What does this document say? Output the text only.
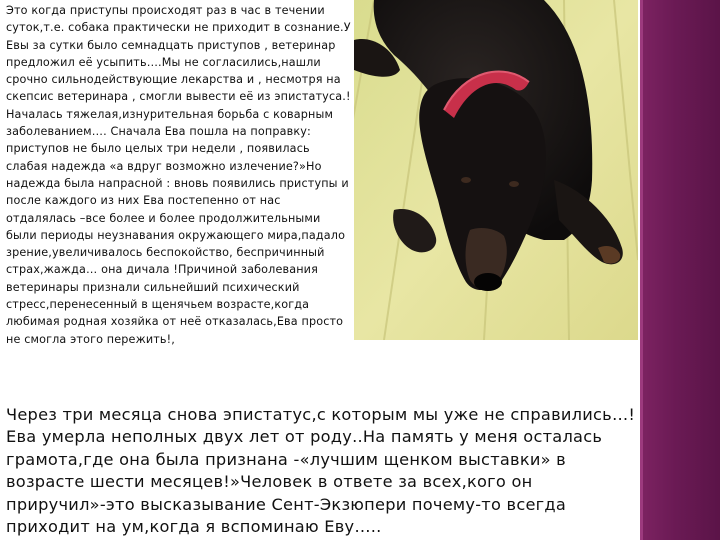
Это когда приступы происходят раз в час в течении суток,т.е. собака практически не приходит в сознание.У Евы за сутки было семнадцать приступов , ветеринар предложил её усыпить….Мы не согласились,нашли срочно сильнодействующие лекарства и , несмотря на скепсис ветеринара , смогли вывести её из эпистатуса.!Началась тяжелая,изнурительная борьба с коварным заболеванием…. Сначала Ева пошла на поправку: приступов не было целых три недели , появилась слабая надежда «а вдруг возможно излечение?»Но надежда была напрасной : вновь появились приступы и после каждого из них Ева постепенно от нас отдалялась –все более и более продолжительными были периоды неузнавания окружающего мира,падало зрение,увеличивалось беспокойство, беспричинный страх,жажда… она дичала !Причиной заболевания ветеринары признали сильнейший психический стресс,перенесенный в щенячьем возрасте,когда любимая родная хозяйка от неё отказалась,Ева просто не смогла этого пережить!,
Через три месяца снова эпистатус,с которым мы уже не справились…! Ева умерла неполных двух лет от роду..На память у меня осталась грамота,где она была признана -«лучшим щенком выставки» в возрасте шести месяцев!»Человек в ответе за всех,кого он приручил»-это высказывание Сент-Экзюпери почему-то всегда приходит на ум,когда я вспоминаю Еву…..
